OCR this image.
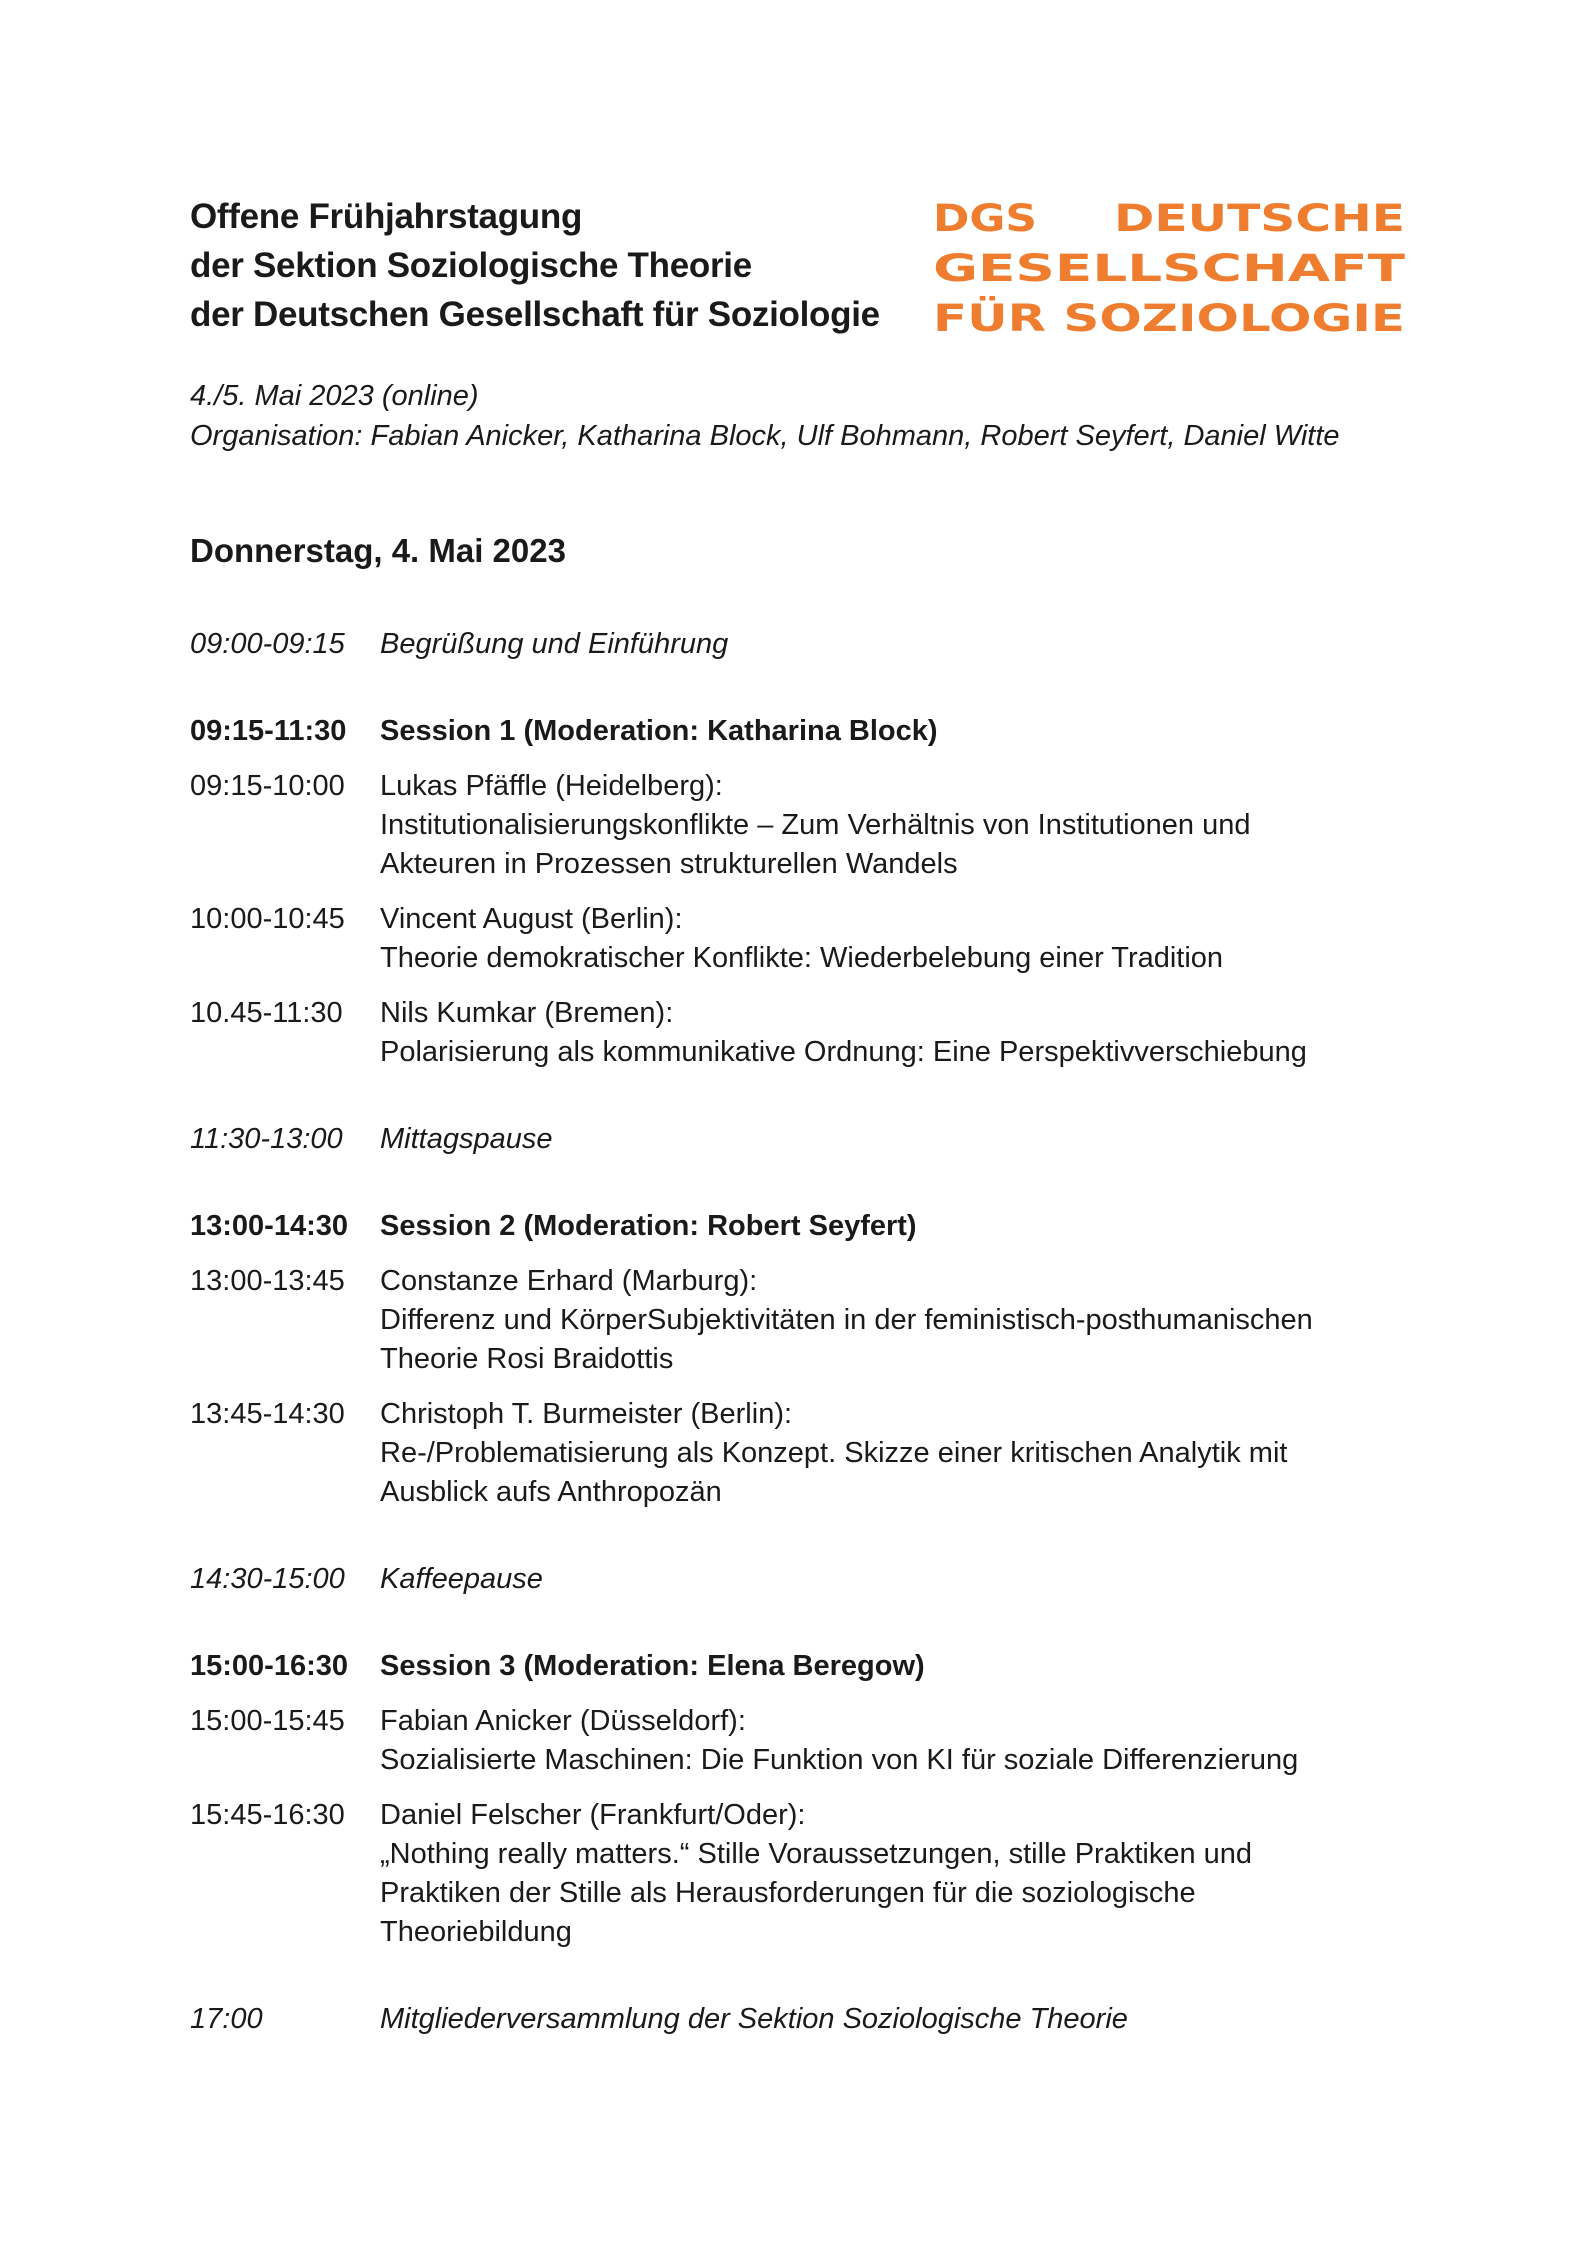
Offene Frühjahrstagung
der Sektion Soziologische Theorie
der Deutschen Gesellschaft für Soziologie
DGS DEUTSCHE
GESELLSCHAFT
FÜR SOZIOLOGIE
4./5. Mai 2023 (online)
Organisation: Fabian Anicker, Katharina Block, Ulf Bohmann, Robert Seyfert, Daniel Witte
Donnerstag, 4. Mai 2023
09:00-09:15	Begrüßung und Einführung
09:15-11:30	Session 1 (Moderation: Katharina Block)
09:15-10:00	Lukas Pfäffle (Heidelberg):
Institutionalisierungskonflikte – Zum Verhältnis von Institutionen und
Akteuren in Prozessen strukturellen Wandels
10:00-10:45	Vincent August (Berlin):
Theorie demokratischer Konflikte: Wiederbelebung einer Tradition
10.45-11:30	Nils Kumkar (Bremen):
Polarisierung als kommunikative Ordnung: Eine Perspektivverschiebung
11:30-13:00	Mittagspause
13:00-14:30	Session 2 (Moderation: Robert Seyfert)
13:00-13:45	Constanze Erhard (Marburg):
Differenz und KörperSubjektivitäten in der feministisch-posthumanischen
Theorie Rosi Braidottis
13:45-14:30	Christoph T. Burmeister (Berlin):
Re-/Problematisierung als Konzept. Skizze einer kritischen Analytik mit
Ausblick aufs Anthropozän
14:30-15:00	Kaffeepause
15:00-16:30	Session 3 (Moderation: Elena Beregow)
15:00-15:45	Fabian Anicker (Düsseldorf):
Sozialisierte Maschinen: Die Funktion von KI für soziale Differenzierung
15:45-16:30	Daniel Felscher (Frankfurt/Oder):
„Nothing really matters.“ Stille Voraussetzungen, stille Praktiken und
Praktiken der Stille als Herausforderungen für die soziologische
Theoriebildung
17:00	Mitgliederversammlung der Sektion Soziologische Theorie
